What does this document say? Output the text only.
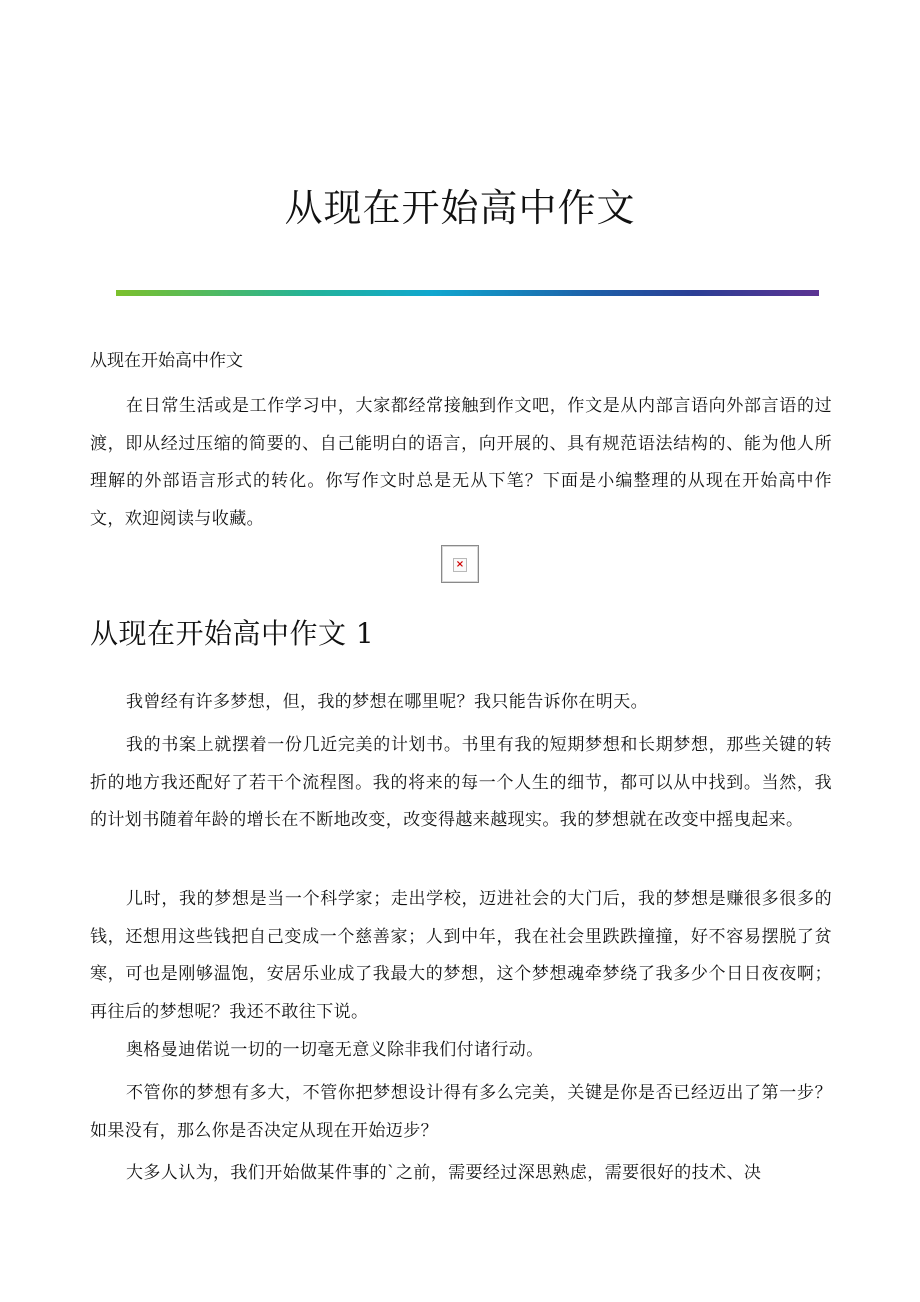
从现在开始高中作文

从现在开始高中作文

在日常生活或是工作学习中，大家都经常接触到作文吧，作文是从内部言语向外部言语的过渡，即从经过压缩的简要的、自己能明白的语言，向开展的、具有规范语法结构的、能为他人所理解的外部语言形式的转化。你写作文时总是无从下笔？下面是小编整理的从现在开始高中作文，欢迎阅读与收藏。

×
从现在开始高中作文 1

我曾经有许多梦想，但，我的梦想在哪里呢？我只能告诉你在明天。

我的书案上就摆着一份几近完美的计划书。书里有我的短期梦想和长期梦想，那些关键的转折的地方我还配好了若干个流程图。我的将来的每一个人生的细节，都可以从中找到。当然，我的计划书随着年龄的增长在不断地改变，改变得越来越现实。我的梦想就在改变中摇曳起来。

儿时，我的梦想是当一个科学家；走出学校，迈进社会的大门后，我的梦想是赚很多很多的钱，还想用这些钱把自己变成一个慈善家；人到中年，我在社会里跌跌撞撞，好不容易摆脱了贫寒，可也是刚够温饱，安居乐业成了我最大的梦想，这个梦想魂牵梦绕了我多少个日日夜夜啊；再往后的梦想呢？我还不敢往下说。

奥格曼迪偌说一切的一切毫无意义除非我们付诸行动。

不管你的梦想有多大，不管你把梦想设计得有多么完美，关键是你是否已经迈出了第一步？如果没有，那么你是否决定从现在开始迈步？

大多人认为，我们开始做某件事的`之前，需要经过深思熟虑，需要很好的技术、决
